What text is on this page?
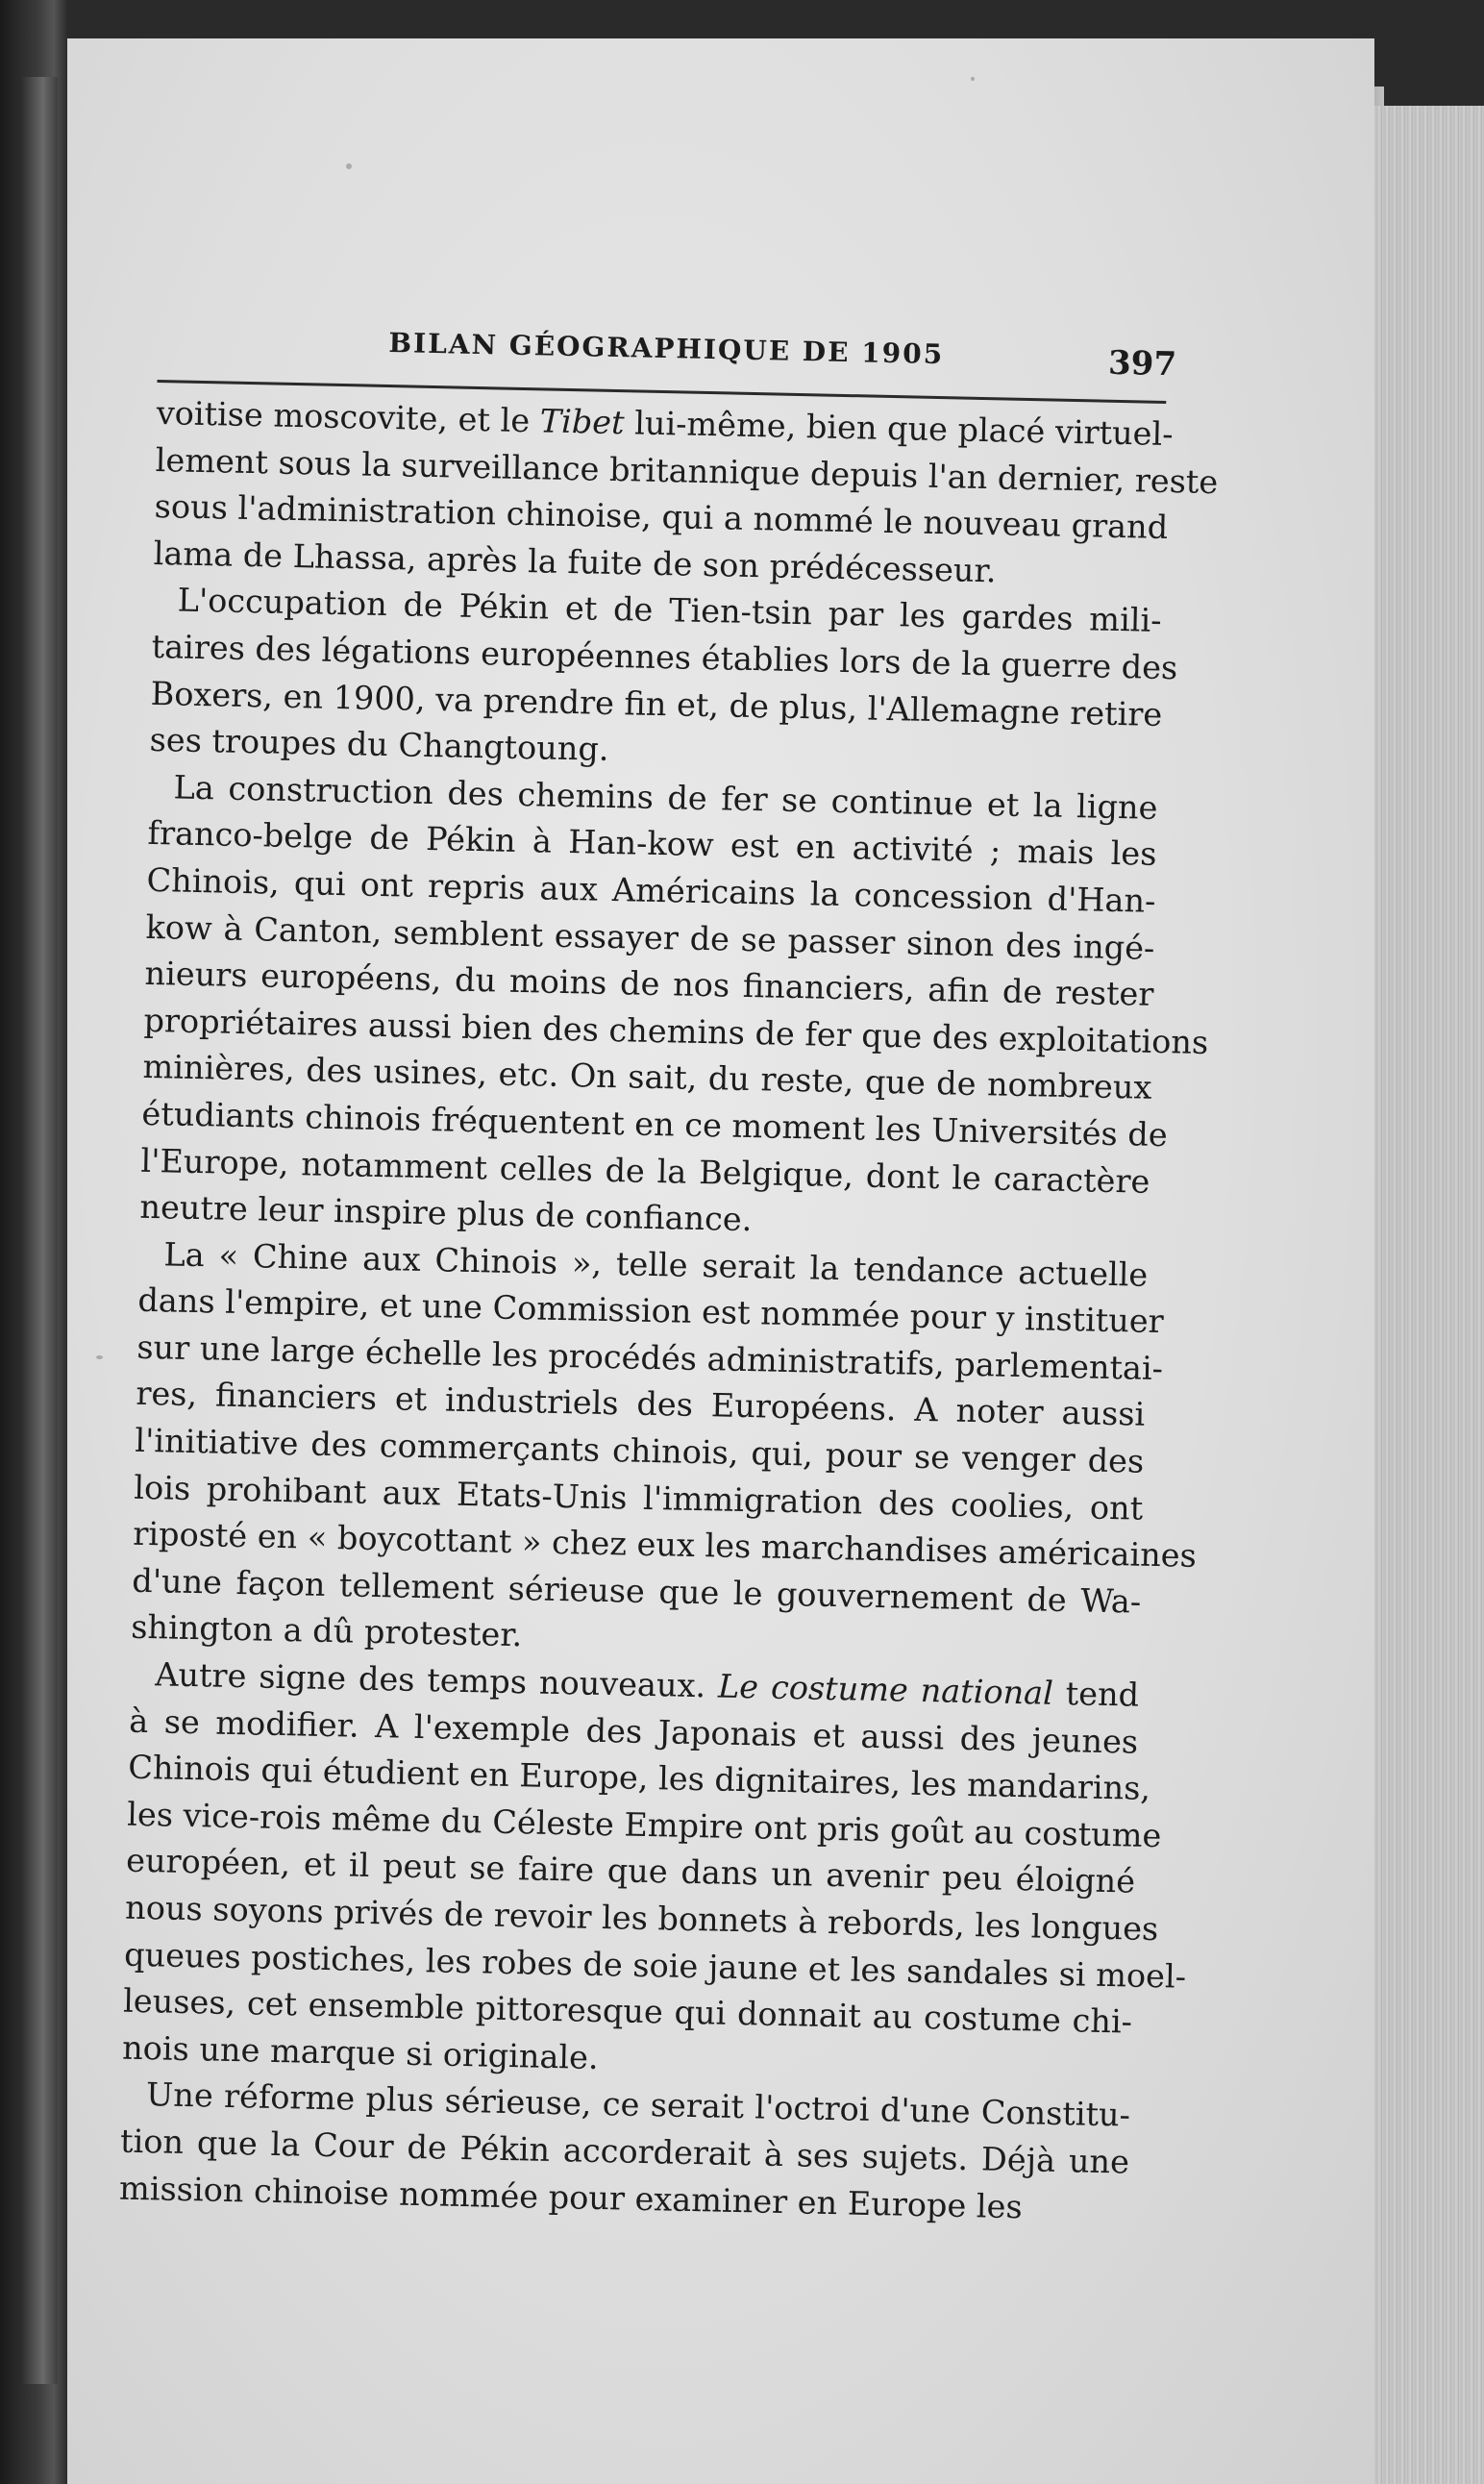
BILAN GÉOGRAPHIQUE DE 1905	397

voitise moscovite, et le Tibet lui-même, bien que placé virtuel-
lement sous la surveillance britannique depuis l'an dernier, reste
sous l'administration chinoise, qui a nommé le nouveau grand
lama de Lhassa, après la fuite de son prédécesseur.

L'occupation de Pékin et de Tien-tsin par les gardes mili-
taires des légations européennes établies lors de la guerre des
Boxers, en 1900, va prendre fin et, de plus, l'Allemagne retire
ses troupes du Changtoung.

La construction des chemins de fer se continue et la ligne
franco-belge de Pékin à Han-kow est en activité ; mais les
Chinois, qui ont repris aux Américains la concession d'Han-
kow à Canton, semblent essayer de se passer sinon des ingé-
nieurs européens, du moins de nos financiers, afin de rester
propriétaires aussi bien des chemins de fer que des exploitations
minières, des usines, etc. On sait, du reste, que de nombreux
étudiants chinois fréquentent en ce moment les Universités de
l'Europe, notamment celles de la Belgique, dont le caractère
neutre leur inspire plus de confiance.

La « Chine aux Chinois », telle serait la tendance actuelle
dans l'empire, et une Commission est nommée pour y instituer
sur une large échelle les procédés administratifs, parlementai-
res, financiers et industriels des Européens. A noter aussi
l'initiative des commerçants chinois, qui, pour se venger des
lois prohibant aux Etats-Unis l'immigration des coolies, ont
riposté en « boycottant » chez eux les marchandises américaines
d'une façon tellement sérieuse que le gouvernement de Wa-
shington a dû protester.

Autre signe des temps nouveaux. Le costume national tend
à se modifier. A l'exemple des Japonais et aussi des jeunes
Chinois qui étudient en Europe, les dignitaires, les mandarins,
les vice-rois même du Céleste Empire ont pris goût au costume
européen, et il peut se faire que dans un avenir peu éloigné
nous soyons privés de revoir les bonnets à rebords, les longues
queues postiches, les robes de soie jaune et les sandales si moel-
leuses, cet ensemble pittoresque qui donnait au costume chi-
nois une marque si originale.

Une réforme plus sérieuse, ce serait l'octroi d'une Constitu-
tion que la Cour de Pékin accorderait à ses sujets. Déjà une
mission chinoise nommée pour examiner en Europe les
